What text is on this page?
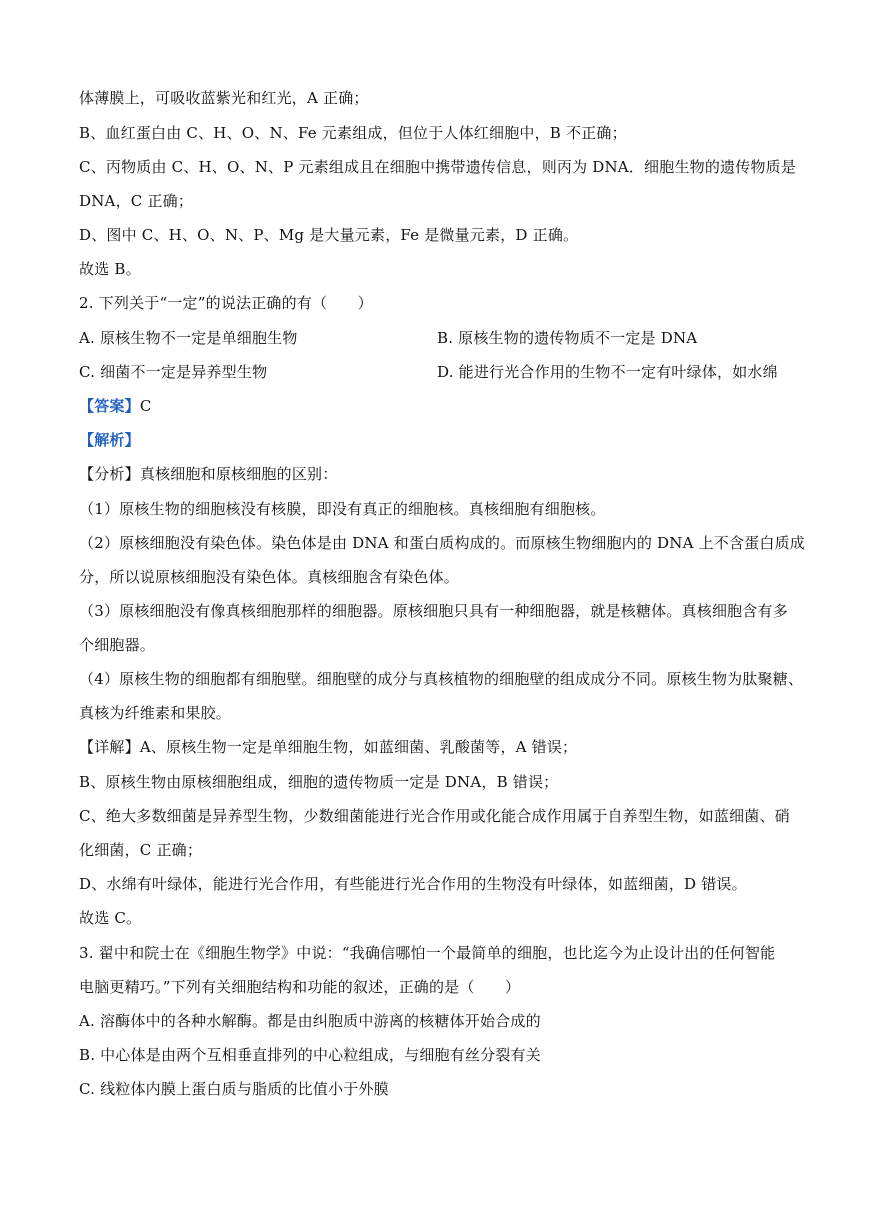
体薄膜上，可吸收蓝紫光和红光，A 正确；
B、血红蛋白由 C、H、O、N、Fe 元素组成，但位于人体红细胞中，B 不正确；
C、丙物质由 C、H、O、N、P 元素组成且在细胞中携带遗传信息，则丙为 DNA．细胞生物的遗传物质是
DNA，C 正确；
D、图中 C、H、O、N、P、Mg 是大量元素，Fe 是微量元素，D 正确。
故选 B。
2. 下列关于“一定”的说法正确的有（　　）
A. 原核生物不一定是单细胞生物	B. 原核生物的遗传物质不一定是 DNA
C. 细菌不一定是异养型生物	D. 能进行光合作用的生物不一定有叶绿体，如水绵
【答案】C
【解析】
【分析】真核细胞和原核细胞的区别：
（1）原核生物的细胞核没有核膜，即没有真正的细胞核。真核细胞有细胞核。
（2）原核细胞没有染色体。染色体是由 DNA 和蛋白质构成的。而原核生物细胞内的 DNA 上不含蛋白质成
分，所以说原核细胞没有染色体。真核细胞含有染色体。
（3）原核细胞没有像真核细胞那样的细胞器。原核细胞只具有一种细胞器，就是核糖体。真核细胞含有多
个细胞器。
（4）原核生物的细胞都有细胞壁。细胞壁的成分与真核植物的细胞壁的组成成分不同。原核生物为肽聚糖、
真核为纤维素和果胶。
【详解】A、原核生物一定是单细胞生物，如蓝细菌、乳酸菌等，A 错误；
B、原核生物由原核细胞组成，细胞的遗传物质一定是 DNA，B 错误；
C、绝大多数细菌是异养型生物，少数细菌能进行光合作用或化能合成作用属于自养型生物，如蓝细菌、硝
化细菌，C 正确；
D、水绵有叶绿体，能进行光合作用，有些能进行光合作用的生物没有叶绿体，如蓝细菌，D 错误。
故选 C。
3. 翟中和院士在《细胞生物学》中说：“我确信哪怕一个最简单的细胞，也比迄今为止设计出的任何智能
电脑更精巧。”下列有关细胞结构和功能的叙述，正确的是（　　）
A. 溶酶体中的各种水解酶。都是由纠胞质中游离的核糖体开始合成的
B. 中心体是由两个互相垂直排列的中心粒组成，与细胞有丝分裂有关
C. 线粒体内膜上蛋白质与脂质的比值小于外膜
